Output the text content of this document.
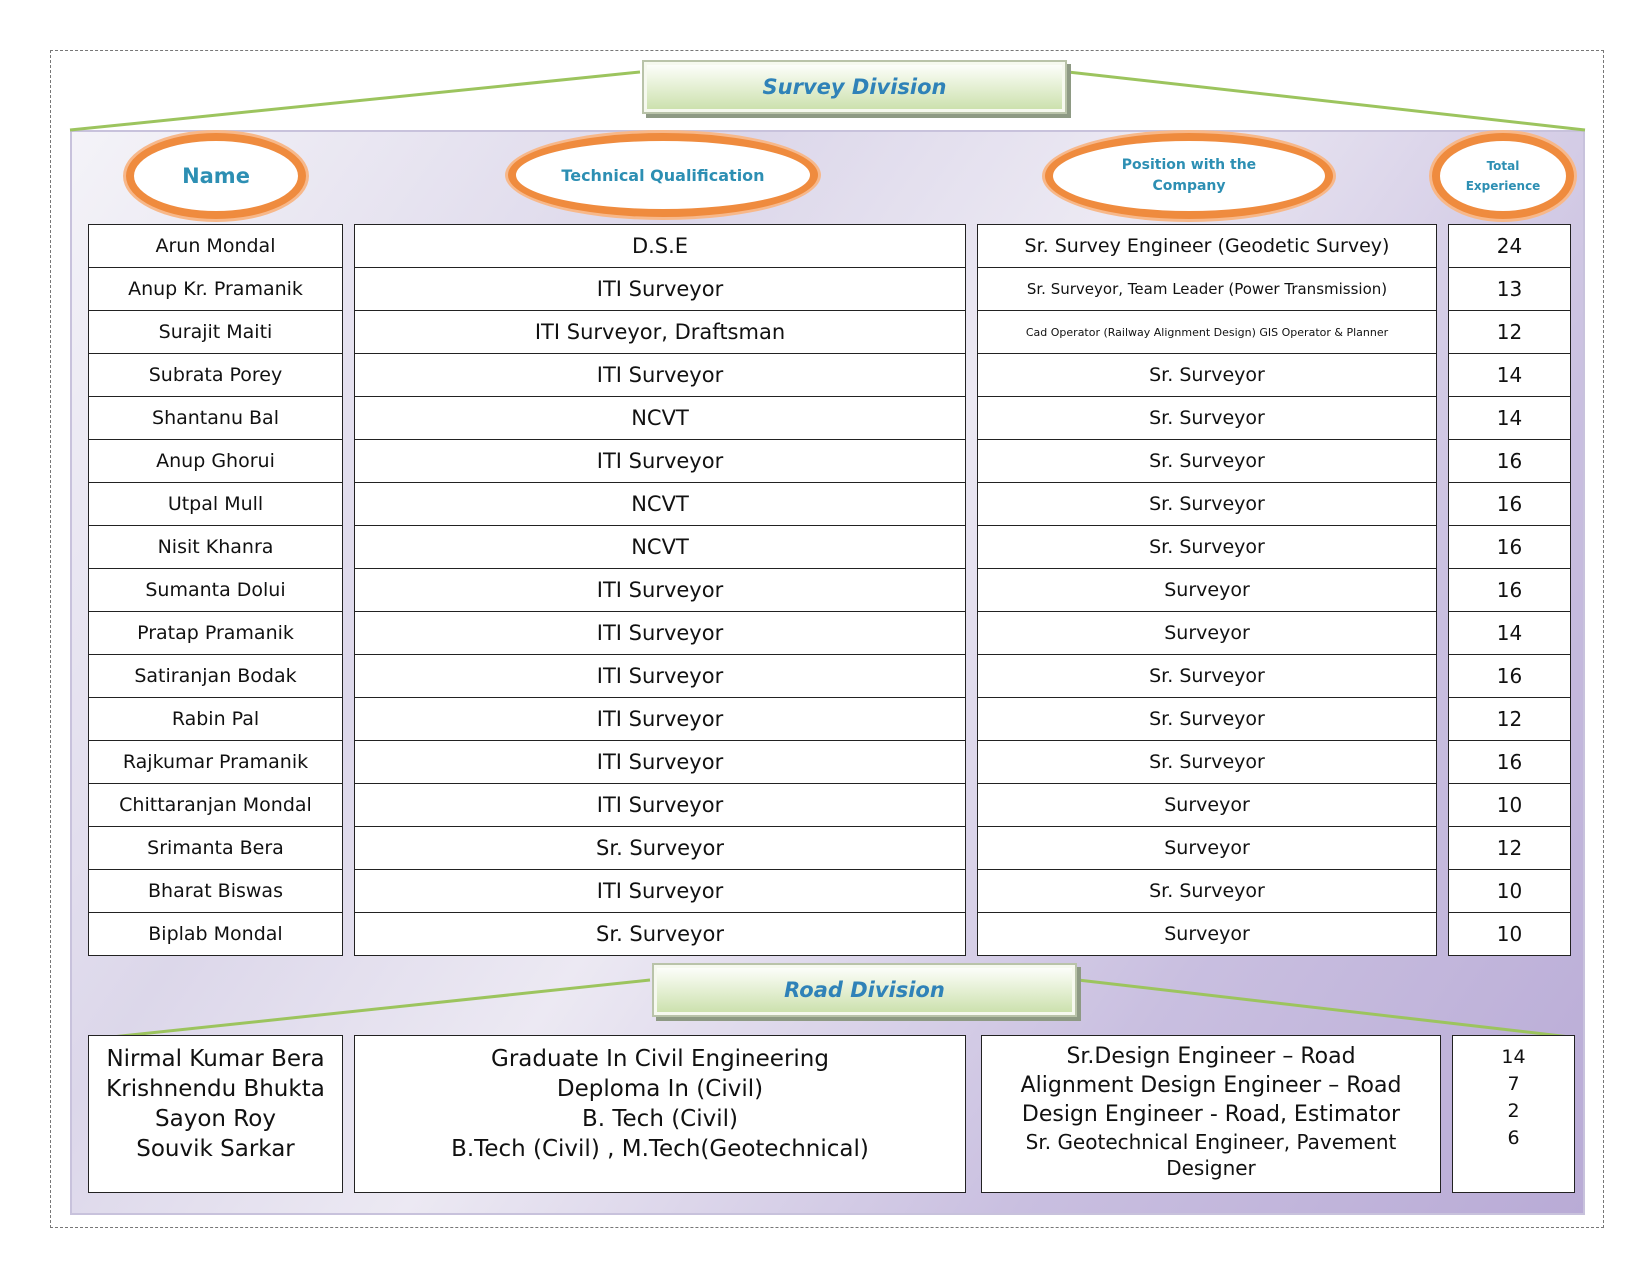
Survey Division
Name	Technical Qualification
Position with the Company
Total Experience
Arun Mondal
Anup Kr. Pramanik
Surajit Maiti
Subrata Porey
Shantanu Bal
Anup Ghorui
Utpal Mull
Nisit Khanra
Sumanta Dolui
Pratap Pramanik
Satiranjan Bodak
Rabin Pal
Rajkumar Pramanik
Chittaranjan Mondal
Srimanta Bera
Bharat Biswas
Biplab Mondal
D.S.E
ITI Surveyor
ITI Surveyor, Draftsman
ITI Surveyor
NCVT
ITI Surveyor
NCVT
NCVT
ITI Surveyor
ITI Surveyor
ITI Surveyor
ITI Surveyor
ITI Surveyor
ITI Surveyor
Sr. Surveyor
ITI Surveyor
Sr. Surveyor
Sr. Survey Engineer (Geodetic Survey)
Sr. Surveyor, Team Leader (Power Transmission)
Cad Operator (Railway Alignment Design) GIS Operator & Planner
Sr. Surveyor
Sr. Surveyor
Sr. Surveyor
Sr. Surveyor
Sr. Surveyor
Surveyor
Surveyor
Sr. Surveyor
Sr. Surveyor
Sr. Surveyor
Surveyor
Surveyor
Sr. Surveyor
Surveyor
24
13
12
14
14
16
16
16
16
14
16
12
16
10
12
10
10
Road Division
Nirmal Kumar Bera
Krishnendu Bhukta
Sayon Roy
Souvik Sarkar
Graduate In Civil Engineering
Deploma In (Civil)
B. Tech (Civil)
B.Tech (Civil) , M.Tech(Geotechnical)
Sr.Design Engineer – Road
Alignment Design Engineer – Road
Design Engineer - Road, Estimator
Sr. Geotechnical Engineer, Pavement
Designer
14
7
2
6
